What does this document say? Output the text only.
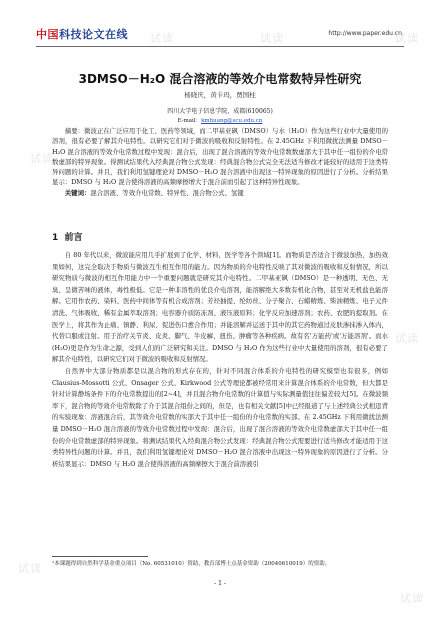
中国科技论文在线	http://www.paper.edu.cn
试读	试读	试读
试读
试读
试读
试读
3DMSO－H₂O 混合溶液的等效介电常数特异性研究
杨晓庆，黄卡玛，贾国柱
四川大学电子信息学院，成都(610065)
E-mail：kmhuang@scu.edu.cn

摘要：微波正在广泛应用于化工、医药等领域，而二甲基亚砜（DMSO）与水（H₂O）作为这些行业中大量使用的溶剂，很有必要了解其介电特性。以研究它们对于微波的吸收和反射特性。在 2.45GHz 下利用微扰法测量 DMSO－H₂O 混合溶液的等效介电常数过程中发现：混合后，出现了混合溶液的等效介电常数数虚部大于其中任一组份的介电常数虚部的特异现象。得测试结果代入经典混合物公式发现：经典混合物公式完全无法适当修改才能较好的适用于这类特异问题的计算。并且，我们利用氢键理论对 DMSO－H₂O 混合溶液中出现这一特异现象的原因进行了分析。分析结果显示：DMSO 与 H₂O 混合使得溶液的高频摩擦增大于混合前而引起了这种特异性现象。

关键词：混合溶液、等效介电常数、特异性、混合物公式、氢键

1 前言

自 80 年代以来，微波能应用几乎扩展到了化学、材料、医学等各个领域[1]。而物质是否适合于微波加热，加热效果如何，这完全取决于物质与微波互生相互作用的能力。因为物质的介电特性反映了其对微波的吸收和反射情况，所以研究物质与微波的相互作用能力中一个重要问题就是研究其介电特性。二甲基亚砜（DMSO）是一种透明、无色、无臭、呈微苦味的液体，毒性极低。它是一种非溶性的优良介电溶剂，能溶解绝大多数有机化合物，甚至对无机盐也能溶解。它用作农药、染料、医药中间体等有机合成溶剂；芳烃抽提、纶纺丝、分子聚合、石蜡精炼、柴油精炼、电子元件清洗、气体吸收、稀有金属萃取溶剂；电容器介质防冻剂、液压液原料；化学反应加速溶剂；农药、农肥的提取剂。在医学上，将其作为止痛、镇静、利尿、促进伤口愈合作用；并能溶解并运送于其中的其它药物通过皮肤渗抹渗入体内，代替口服或注射。用于治疗关节炎、皮炎、脚气、牛皮癣、扭伤、肿瘤等各种疾病。故有名'万能药'或'万能溶剂'。而水(H₂O)更是作为生命之源，受到人们的广泛研究和关注。DMSO 与 H₂O 作为这些行业中大量使用的溶剂，很有必要了解其介电特性，以研究它们对于微波的吸收和反射情况。

自然界中大部分物质都是以混合物的形式存在的，针对不同混合体系的介电特性的研究模型也有很多，例如 Clausius-Mossotti 公式、Onsager 公式、Kirkwood 公式等理论都被经常用来计算混合体系的介电常数，但大都是针对计算静场条件下的介电常数提出的[2~4]，并且混合物介电常数的计算值与实际测量值往往偏差较大[5]。在微波频率下，混合物的等效介电常数除了介于其混合组份之间的，但是，也有相关文献[5]中已经报道了与上述经典公式相违背的实验现象：溶液混合后，其等效介电常数的实部大于其中任一组份的介电常数的实部。在 2.45GHz 下利用微扰法测量 DMSO－H₂O 混合溶液的等效介电常数过程中发现：混合后，出现了混合溶液的等效介电常数虚部大于其中任一组份的介电常数虚部的特异现象。将测试结果代入经典混合物公式发现：经典混合物公式需要进行适当修改才能适用于这类特异性问题的计算。并且，我们利用氢键理论对 DMSO－H₂O 混合溶液中出现这一特异现象的原因进行了分析。分析结果显示：DMSO 与 H₂O 混合使得溶液的高频摩擦大于混合前溶液引

¹本课题得到自然科学基金重点项目（No. 60531010）资助，教育部博士点基金资助（20040610019）的资助。
- 1 -
